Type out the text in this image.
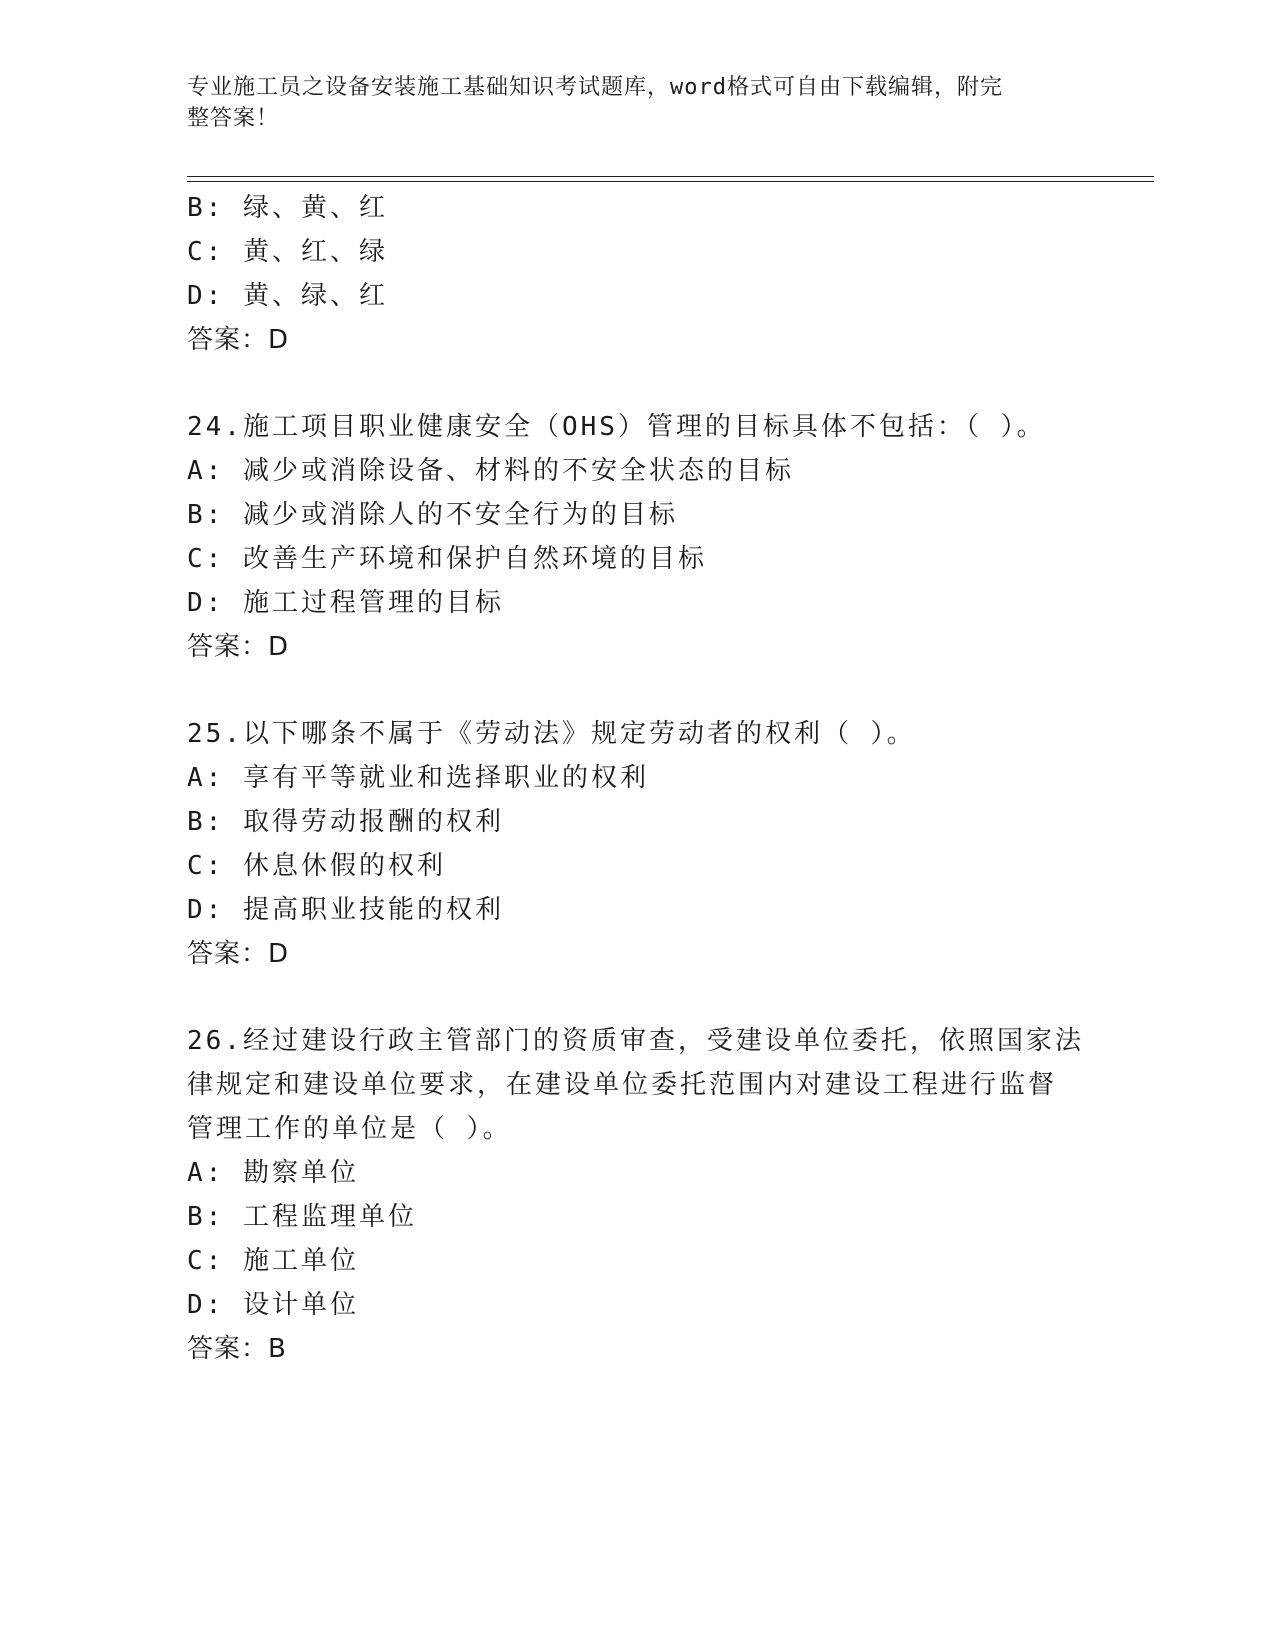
专业施工员之设备安装施工基础知识考试题库，word格式可自由下载编辑，附完
整答案！
B: 绿、黄、红
C: 黄、红、绿
D: 黄、绿、红
答案：D
24.施工项目职业健康安全（OHS）管理的目标具体不包括：（ ）。
A: 减少或消除设备、材料的不安全状态的目标
B: 减少或消除人的不安全行为的目标
C: 改善生产环境和保护自然环境的目标
D: 施工过程管理的目标
答案：D
25.以下哪条不属于《劳动法》规定劳动者的权利（ ）。
A: 享有平等就业和选择职业的权利
B: 取得劳动报酬的权利
C: 休息休假的权利
D: 提高职业技能的权利
答案：D
26.经过建设行政主管部门的资质审查，受建设单位委托，依照国家法
律规定和建设单位要求，在建设单位委托范围内对建设工程进行监督
管理工作的单位是（ ）。
A: 勘察单位
B: 工程监理单位
C: 施工单位
D: 设计单位
答案：B
